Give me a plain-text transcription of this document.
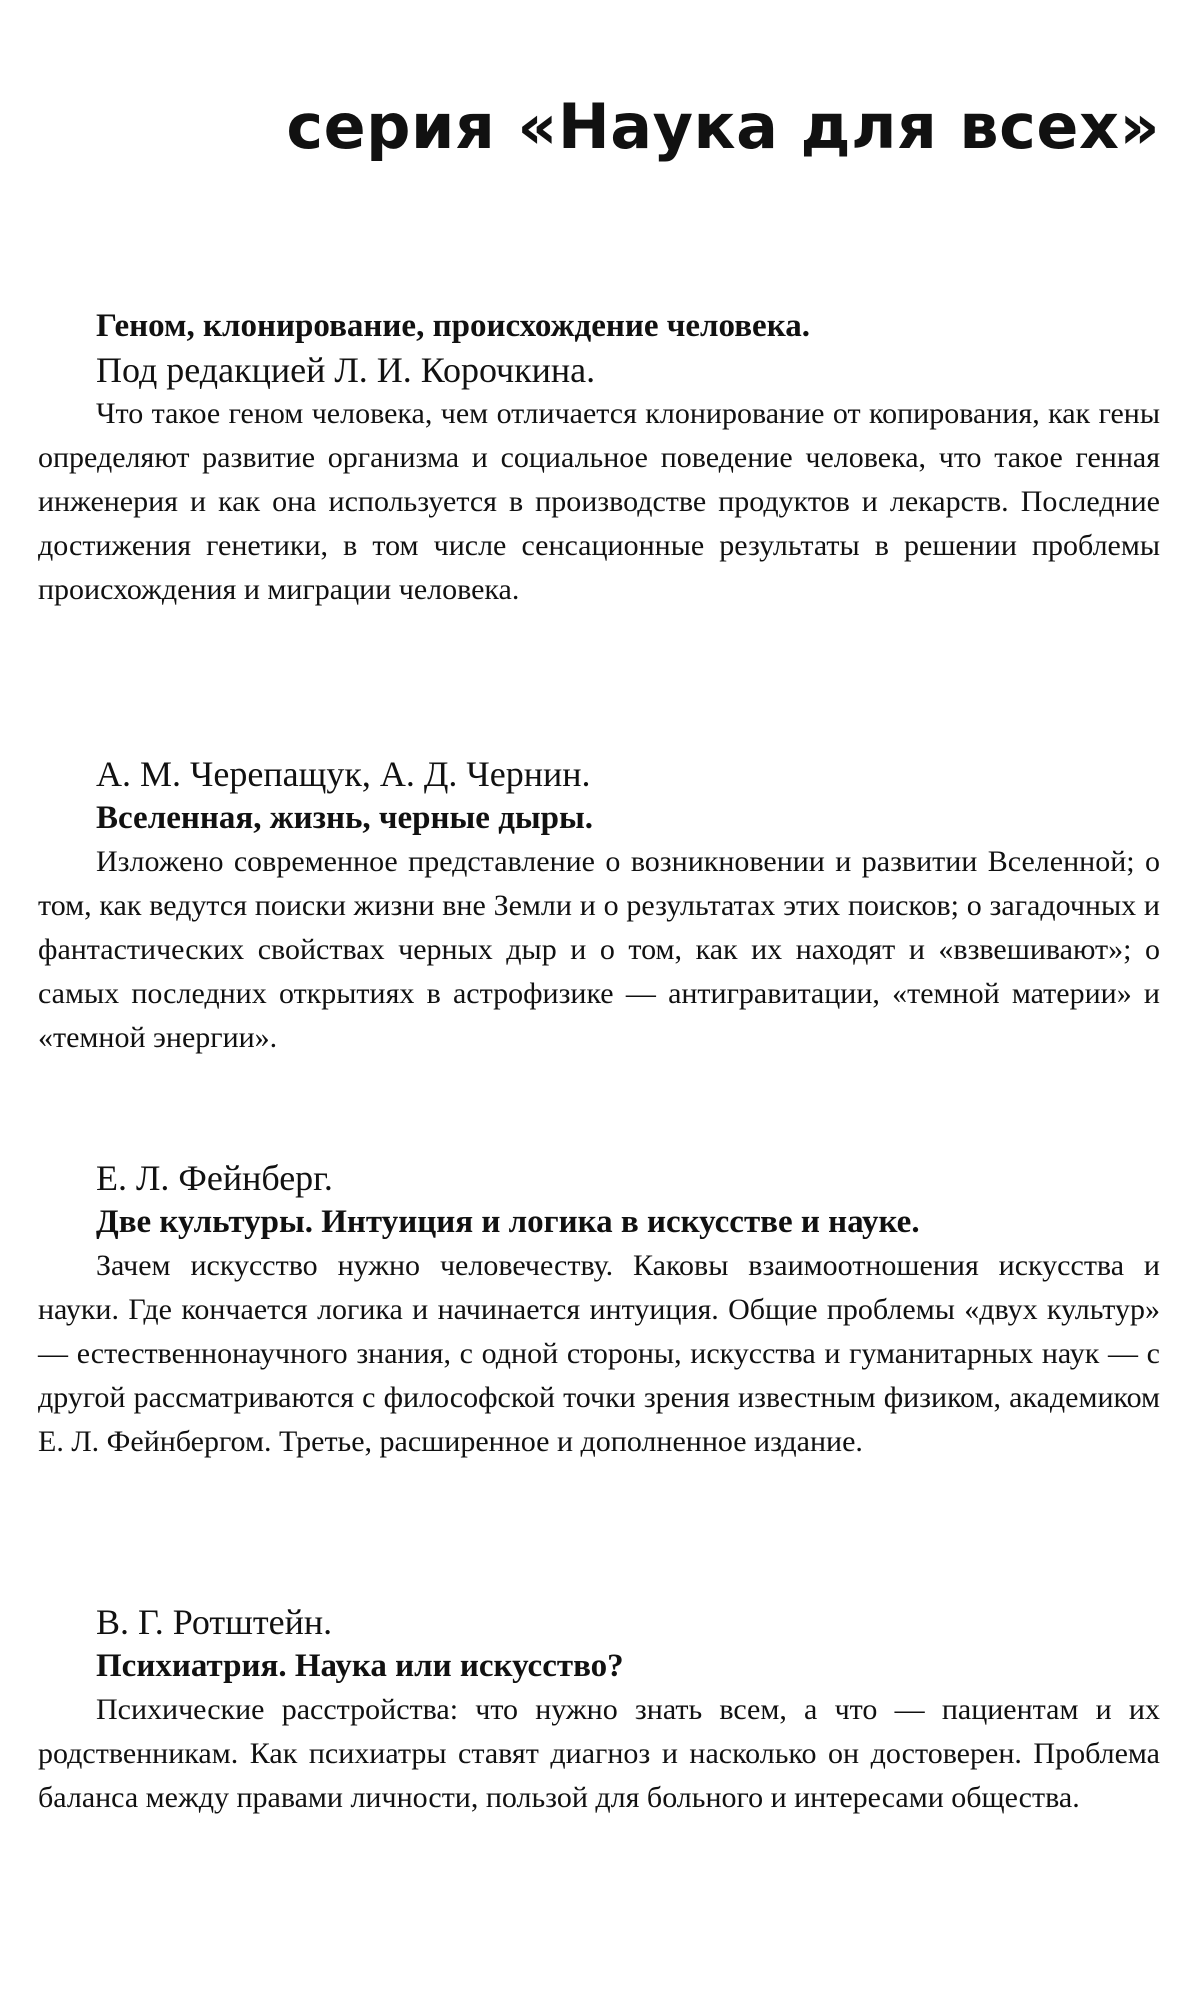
серия «Наука для всех»

Геном, клонирование, происхождение человека.

Под редакцией Л. И. Корочкина.

Что такое геном человека, чем отличается клонирование от копирования, как гены определяют развитие организма и социальное поведение человека, что такое генная инженерия и как она используется в производстве продуктов и лекарств. Последние достижения генетики, в том числе сенсационные результаты в решении проблемы происхождения и миграции человека.

А. М. Черепащук, А. Д. Чернин.

Вселенная, жизнь, черные дыры.

Изложено современное представление о возникновении и развитии Вселенной; о том, как ведутся поиски жизни вне Земли и о результатах этих поисков; о загадочных и фантастических свойствах черных дыр и о том, как их находят и «взвешивают»; о самых последних открытиях в астрофизике — антигравитации, «темной материи» и «темной энергии».

Е. Л. Фейнберг.

Две культуры. Интуиция и логика в искусстве и науке.

Зачем искусство нужно человечеству. Каковы взаимоотношения искусства и науки. Где кончается логика и начинается интуиция. Общие проблемы «двух культур» — естественнонаучного знания, с одной стороны, искусства и гуманитарных наук — с другой рассматриваются с философской точки зрения известным физиком, академиком Е. Л. Фейнбергом. Третье, расширенное и дополненное издание.

В. Г. Ротштейн.

Психиатрия. Наука или искусство?

Психические расстройства: что нужно знать всем, а что — пациентам и их родственникам. Как психиатры ставят диагноз и насколько он достоверен. Проблема баланса между правами личности, пользой для больного и интересами общества.
